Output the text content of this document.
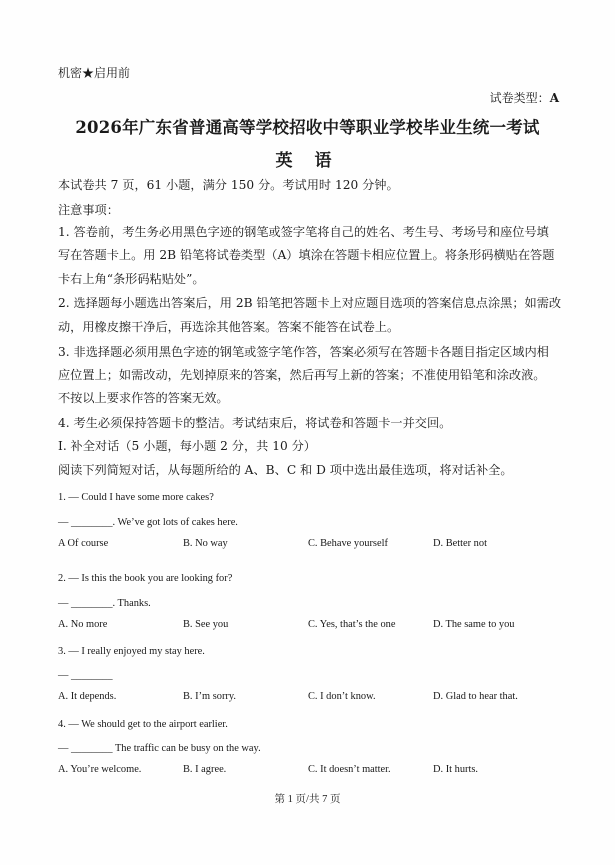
机密★启用前
试卷类型：A
2026年广东省普通高等学校招收中等职业学校毕业生统一考试
英 语
本试卷共 7 页，61 小题，满分 150 分。考试用时 120 分钟。
注意事项：
1. 答卷前，考生务必用黑色字迹的钢笔或签字笔将自己的姓名、考生号、考场号和座位号填
写在答题卡上。用 2B 铅笔将试卷类型（A）填涂在答题卡相应位置上。将条形码横贴在答题
卡右上角“条形码粘贴处”。
2. 选择题每小题选出答案后，用 2B 铅笔把答题卡上对应题目选项的答案信息点涂黑；如需改
动，用橡皮擦干净后，再选涂其他答案。答案不能答在试卷上。
3. 非选择题必须用黑色字迹的钢笔或签字笔作答，答案必须写在答题卡各题目指定区域内相
应位置上；如需改动，先划掉原来的答案，然后再写上新的答案；不准使用铅笔和涂改液。
不按以上要求作答的答案无效。
4. 考生必须保持答题卡的整洁。考试结束后，将试卷和答题卡一并交回。
Ⅰ. 补全对话（5 小题，每小题 2 分，共 10 分）
阅读下列简短对话，从每题所给的 A、B、C 和 D 项中选出最佳选项，将对话补全。
1. — Could I have some more cakes?
— ________. We’ve got lots of cakes here.
A Of course	B. No way	C. Behave yourself	D. Better not
2. — Is this the book you are looking for?
— ________. Thanks.
A. No more	B. See you	C. Yes, that’s the one	D. The same to you
3. — I really enjoyed my stay here.
— ________
A. It depends.	B. I’m sorry.	C. I don’t know.	D. Glad to hear that.
4. — We should get to the airport earlier.
— ________ The traffic can be busy on the way.
A. You’re welcome.	B. I agree.	C. It doesn’t matter.	D. It hurts.
第 1 页/共 7 页
